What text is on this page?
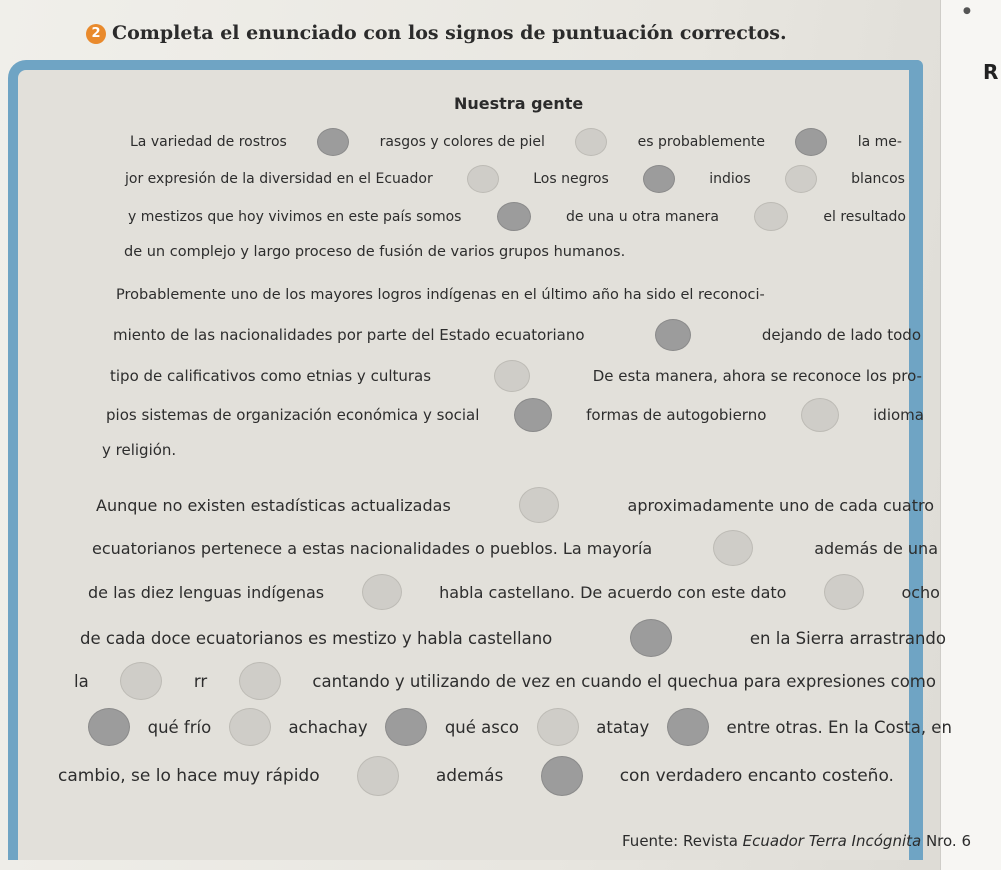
●
R
2 Completa el enunciado con los signos de puntuación correctos.
Nuestra gente
La variedad de rostros	rasgos y colores de piel	es probablemente	la me-
jor expresión de la diversidad en el Ecuador	Los negros	indios	blancos
y mestizos que hoy vivimos en este país somos	de una u otra manera	el resultado
de un complejo y largo proceso de fusión de varios grupos humanos.
Probablemente uno de los mayores logros indígenas en el último año ha sido el reconoci-
miento de las nacionalidades por parte del Estado ecuatoriano	dejando de lado todo
tipo de calificativos como etnias y culturas	De esta manera, ahora se reconoce los pro-
pios sistemas de organización económica y social	formas de autogobierno	idioma
y religión.
Aunque no existen estadísticas actualizadas	aproximadamente uno de cada cuatro
ecuatorianos pertenece a estas nacionalidades o pueblos. La mayoría	además de una
de las diez lenguas indígenas	habla castellano. De acuerdo con este dato	ocho
de cada doce ecuatorianos es mestizo y habla castellano	en la Sierra arrastrando
la	rr	cantando y utilizando de vez en cuando el quechua para expresiones como
qué frío	achachay	qué asco	atatay	entre otras. En la Costa, en
cambio, se lo hace muy rápido	además	con verdadero encanto costeño.
Fuente: Revista Ecuador Terra Incógnita Nro. 6
